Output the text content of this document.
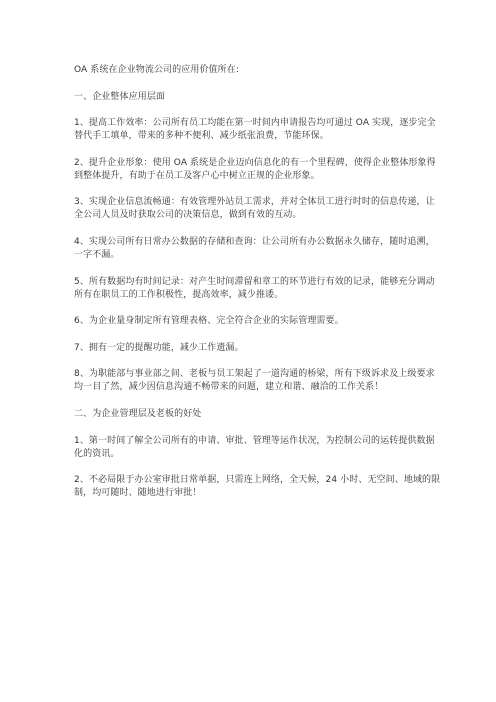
OA 系统在企业物流公司的应用价值所在:

一、企业整体应用层面

1、提高工作效率：公司所有员工均能在第一时间内申请报告均可通过 OA 实现，逐步完全

替代手工填单，带来的多种不便利、减少纸张浪费，节能环保。

2、提升企业形象：使用 OA 系统是企业迈向信息化的有一个里程碑，使得企业整体形象得

到整体提升，有助于在员工及客户心中树立正规的企业形象。

3、实现企业信息流畅通：有效管理外站员工需求，并对全体员工进行时时的信息传递，让

全公司人员及时获取公司的决策信息，做到有效的互动。

4、实现公司所有日常办公数据的存储和查询：让公司所有办公数据永久储存，随时追溯，

一字不漏。

5、所有数据均有时间记录：对产生时间滞留和章工的环节进行有效的记录，能够充分调动

所有在职员工的工作积极性，提高效率，减少推诿。

6、为企业量身制定所有管理表格、完全符合企业的实际管理需要。

7、拥有一定的提醒功能，减少工作遗漏。

8、为职能部与事业部之间、老板与员工架起了一道沟通的桥梁，所有下级诉求及上级要求

均一目了然，减少因信息沟通不畅带来的问题，建立和谐、融洽的工作关系！

二、为企业管理层及老板的好处

1、第一时间了解全公司所有的申请、审批、管理等运作状况，为控制公司的运转提供数据

化的资讯。

2、不必局限于办公室审批日常单据，只需连上网络，全天候，24 小时、无空间、地域的限

制，均可随时、随地进行审批！
